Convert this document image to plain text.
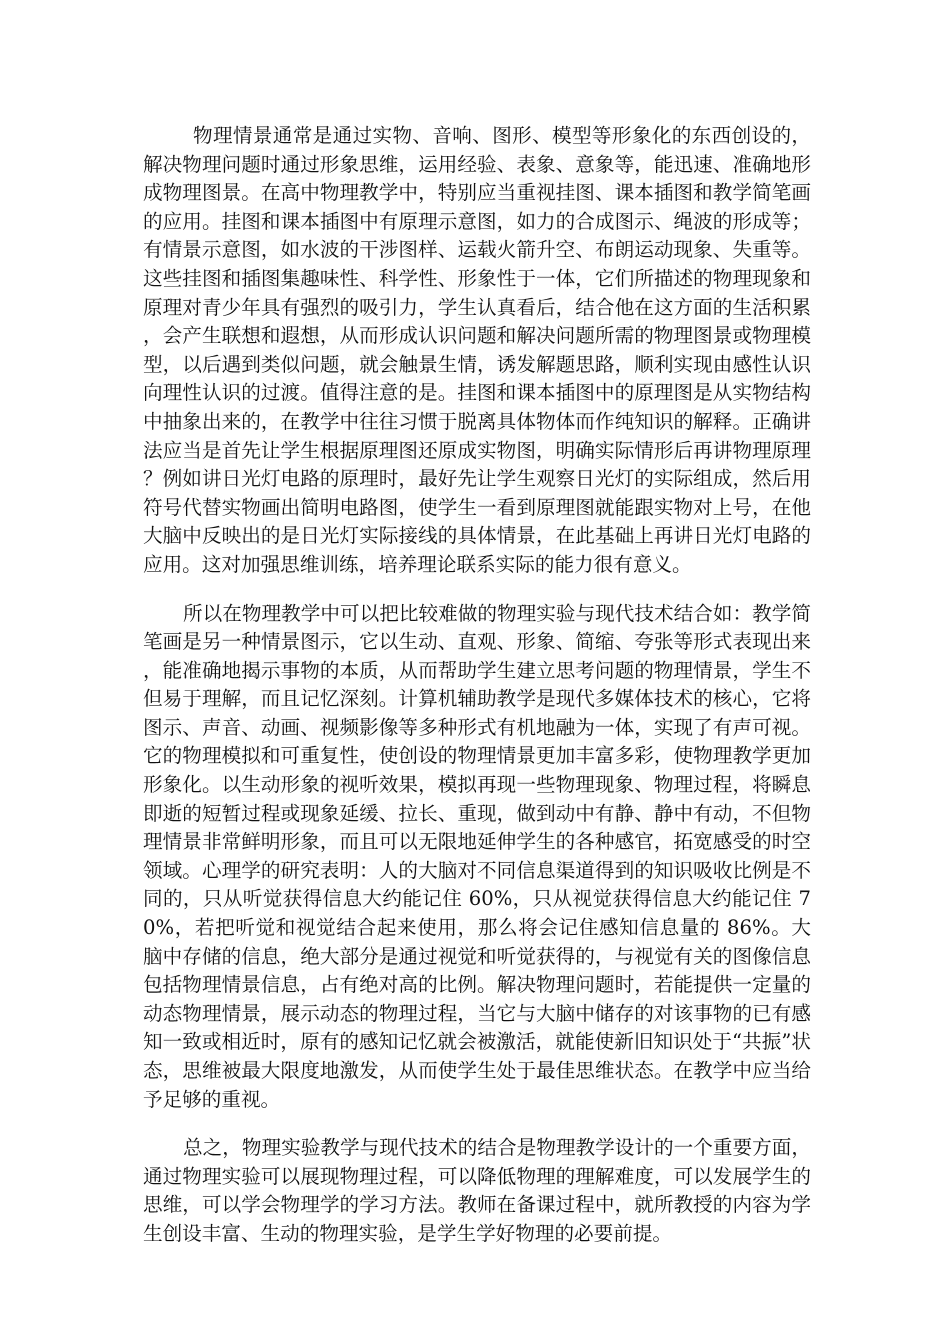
物理情景通常是通过实物、音响、图形、模型等形象化的东西创设的，解决物理问题时通过形象思维，运用经验、表象、意象等，能迅速、准确地形成物理图景。在高中物理教学中，特别应当重视挂图、课本插图和教学简笔画的应用。挂图和课本插图中有原理示意图，如力的合成图示、绳波的形成等；有情景示意图，如水波的干涉图样、运载火箭升空、布朗运动现象、失重等。这些挂图和插图集趣味性、科学性、形象性于一体，它们所描述的物理现象和原理对青少年具有强烈的吸引力，学生认真看后，结合他在这方面的生活积累，会产生联想和遐想，从而形成认识问题和解决问题所需的物理图景或物理模型，以后遇到类似问题，就会触景生情，诱发解题思路，顺利实现由感性认识向理性认识的过渡。值得注意的是。挂图和课本插图中的原理图是从实物结构中抽象出来的，在教学中往往习惯于脱离具体物体而作纯知识的解释。正确讲法应当是首先让学生根据原理图还原成实物图，明确实际情形后再讲物理原理？例如讲日光灯电路的原理时，最好先让学生观察日光灯的实际组成，然后用符号代替实物画出简明电路图，使学生一看到原理图就能跟实物对上号，在他大脑中反映出的是日光灯实际接线的具体情景，在此基础上再讲日光灯电路的应用。这对加强思维训练，培养理论联系实际的能力很有意义。

所以在物理教学中可以把比较难做的物理实验与现代技术结合如：教学简笔画是另一种情景图示，它以生动、直观、形象、简缩、夸张等形式表现出来，能准确地揭示事物的本质，从而帮助学生建立思考问题的物理情景，学生不但易于理解，而且记忆深刻。计算机辅助教学是现代多媒体技术的核心，它将图示、声音、动画、视频影像等多种形式有机地融为一体，实现了有声可视。它的物理模拟和可重复性，使创设的物理情景更加丰富多彩，使物理教学更加形象化。以生动形象的视听效果，模拟再现一些物理现象、物理过程，将瞬息即逝的短暂过程或现象延缓、拉长、重现，做到动中有静、静中有动，不但物理情景非常鲜明形象，而且可以无限地延伸学生的各种感官，拓宽感受的时空领域。心理学的研究表明：人的大脑对不同信息渠道得到的知识吸收比例是不同的，只从听觉获得信息大约能记住 60%，只从视觉获得信息大约能记住 70%，若把听觉和视觉结合起来使用，那么将会记住感知信息量的 86%。大脑中存储的信息，绝大部分是通过视觉和听觉获得的，与视觉有关的图像信息包括物理情景信息，占有绝对高的比例。解决物理问题时，若能提供一定量的动态物理情景，展示动态的物理过程，当它与大脑中储存的对该事物的已有感知一致或相近时，原有的感知记忆就会被激活，就能使新旧知识处于“共振”状态，思维被最大限度地激发，从而使学生处于最佳思维状态。在教学中应当给予足够的重视。

总之，物理实验教学与现代技术的结合是物理教学设计的一个重要方面，通过物理实验可以展现物理过程，可以降低物理的理解难度，可以发展学生的思维，可以学会物理学的学习方法。教师在备课过程中，就所教授的内容为学生创设丰富、生动的物理实验，是学生学好物理的必要前提。
